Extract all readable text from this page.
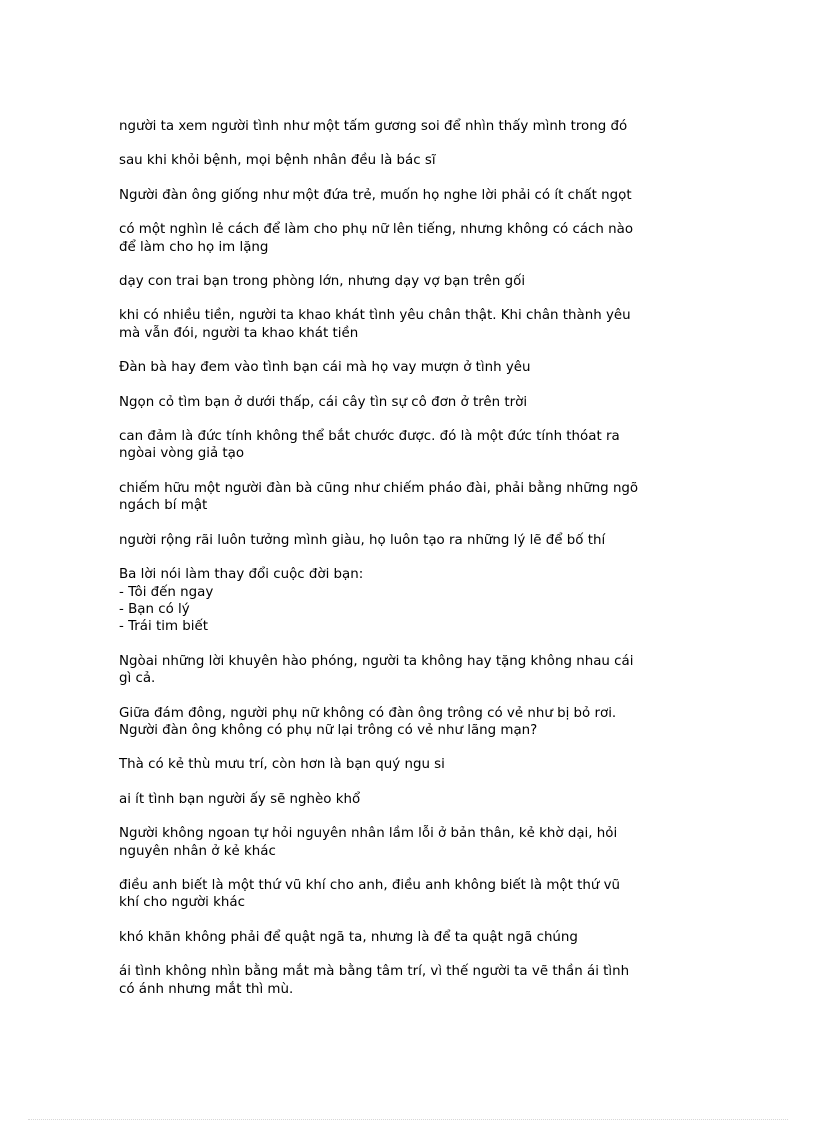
người ta xem người tình như một tấm gương soi để nhìn thấy mình trong đó

sau khi khỏi bệnh, mọi bệnh nhân đều là bác sĩ

Người đàn ông giống như một đứa trẻ, muốn họ nghe lời phải có ít chất ngọt

có một nghìn lẻ cách để làm cho phụ nữ lên tiếng, nhưng không có cách nào
để làm cho họ im lặng

dạy con trai bạn trong phòng lớn, nhưng dạy vợ bạn trên gối

khi có nhiều tiền, người ta khao khát tình yêu chân thật. Khi chân thành yêu
mà vẫn đói, người ta khao khát tiền

Đàn bà hay đem vào tình bạn cái mà họ vay mượn ở tình yêu

Ngọn cỏ tìm bạn ở dưới thấp, cái cây tìn sự cô đơn ở trên trời

can đảm là đức tính không thể bắt chước được. đó là một đức tính thóat ra
ngòai vòng giả tạo

chiếm hữu một người đàn bà cũng như chiếm pháo đài, phải bằng những ngõ
ngách bí mật

người rộng rãi luôn tưởng mình giàu, họ luôn tạo ra những lý lẽ để bố thí

Ba lời nói làm thay đổi cuộc đời bạn:
- Tôi đến ngay
- Bạn có lý
- Trái tim biết

Ngòai những lời khuyên hào phóng, người ta không hay tặng không nhau cái
gì cả.

Giữa đám đông, người phụ nữ không có đàn ông trông có vẻ như bị bỏ rơi.
Người đàn ông không có phụ nữ lại trông có vẻ như lãng mạn?

Thà có kẻ thù mưu trí, còn hơn là bạn quý ngu si

ai ít tình bạn người ấy sẽ nghèo khổ

Người không ngoan tự hỏi nguyên nhân lầm lỗi ở bản thân, kẻ khờ dại, hỏi
nguyên nhân ở kẻ khác

điều anh biết là một thứ vũ khí cho anh, điều anh không biết là một thứ vũ
khí cho người khác

khó khăn không phải để quật ngã ta, nhưng là để ta quật ngã chúng

ái tình không nhìn bằng mắt mà bằng tâm trí, vì thế người ta vẽ thần ái tình
có ánh nhưng mắt thì mù.
